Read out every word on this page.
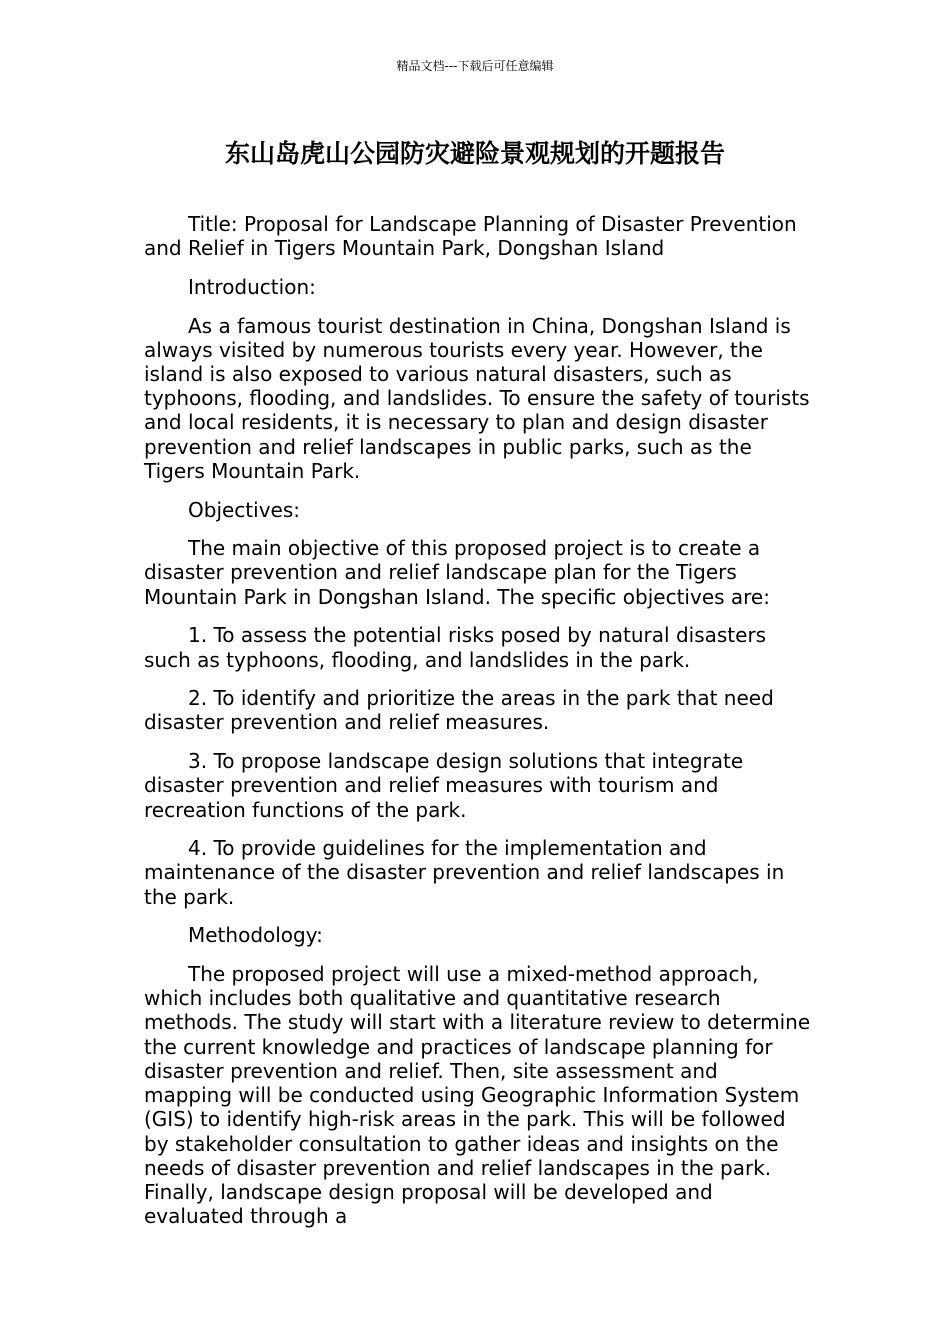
精品文档---下载后可任意编辑
东山岛虎山公园防灾避险景观规划的开题报告

Title: Proposal for Landscape Planning of Disaster Prevention and Relief in Tigers Mountain Park, Dongshan Island

Introduction:

As a famous tourist destination in China, Dongshan Island is always visited by numerous tourists every year. However, the island is also exposed to various natural disasters, such as typhoons, flooding, and landslides. To ensure the safety of tourists and local residents, it is necessary to plan and design disaster prevention and relief landscapes in public parks, such as the Tigers Mountain Park.

Objectives:

The main objective of this proposed project is to create a disaster prevention and relief landscape plan for the Tigers Mountain Park in Dongshan Island. The specific objectives are:

1. To assess the potential risks posed by natural disasters such as typhoons, flooding, and landslides in the park.

2. To identify and prioritize the areas in the park that need disaster prevention and relief measures.

3. To propose landscape design solutions that integrate disaster prevention and relief measures with tourism and recreation functions of the park.

4. To provide guidelines for the implementation and maintenance of the disaster prevention and relief landscapes in the park.

Methodology:

The proposed project will use a mixed-method approach, which includes both qualitative and quantitative research methods. The study will start with a literature review to determine the current knowledge and practices of landscape planning for disaster prevention and relief. Then, site assessment and mapping will be conducted using Geographic Information System (GIS) to identify high-risk areas in the park. This will be followed by stakeholder consultation to gather ideas and insights on the needs of disaster prevention and relief landscapes in the park. Finally, landscape design proposal will be developed and evaluated through a
